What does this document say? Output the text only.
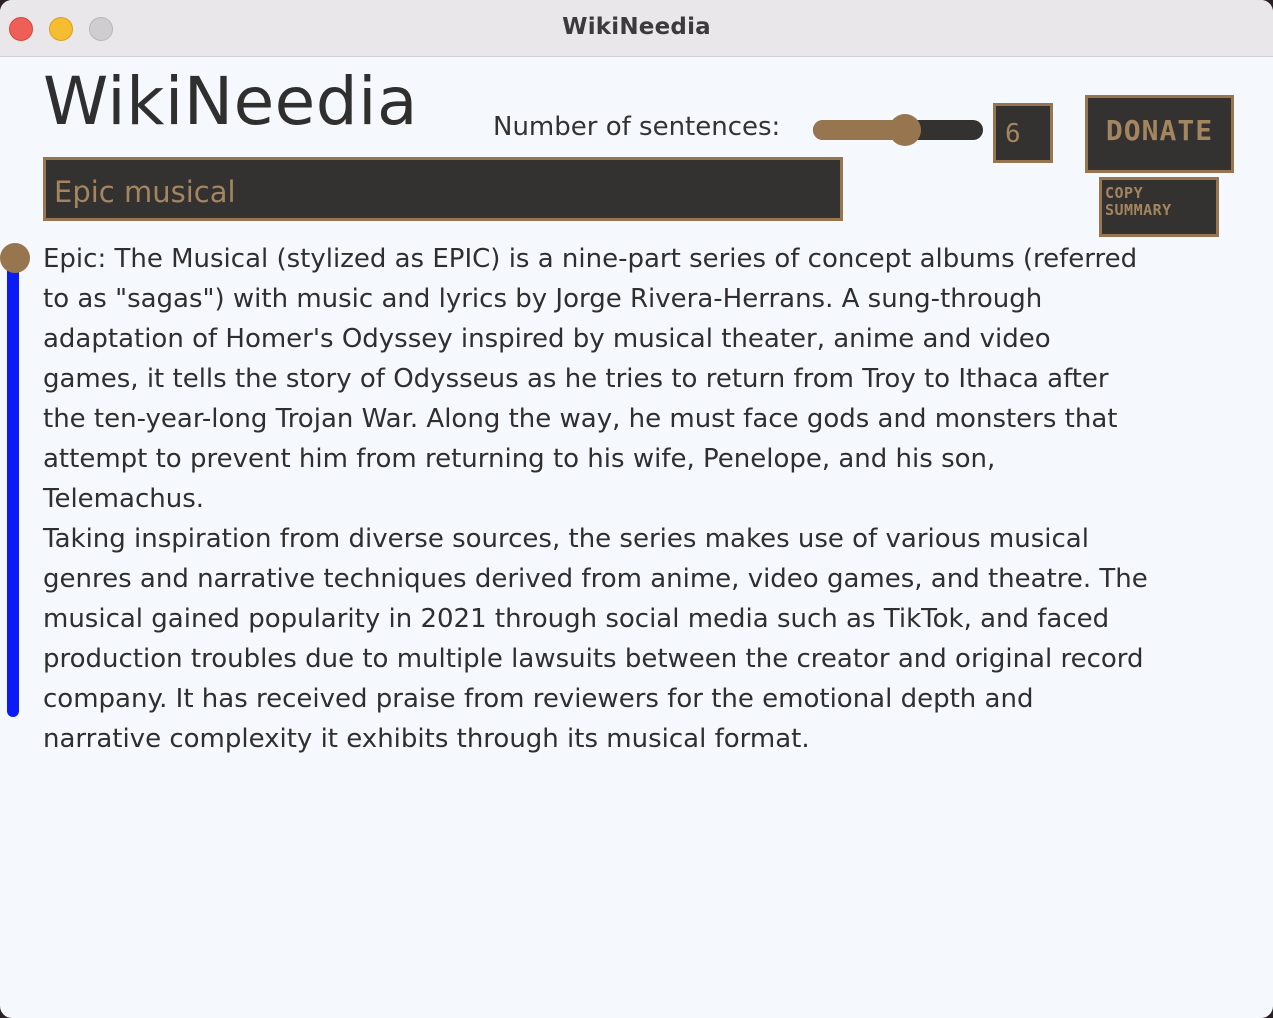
WikiNeedia
WikiNeedia	Number of sentences:	6	DONATE
COPY
SUMMARY
Epic musical

Epic: The Musical (stylized as EPIC) is a nine-part series of concept albums (referred to as "sagas") with music and lyrics by Jorge Rivera-Herrans. A sung-through adaptation of Homer's Odyssey inspired by musical theater, anime and video games, it tells the story of Odysseus as he tries to return from Troy to Ithaca after the ten-year-long Trojan War. Along the way, he must face gods and monsters that attempt to prevent him from returning to his wife, Penelope, and his son, Telemachus.

Taking inspiration from diverse sources, the series makes use of various musical genres and narrative techniques derived from anime, video games, and theatre. The musical gained popularity in 2021 through social media such as TikTok, and faced production troubles due to multiple lawsuits between the creator and original record company. It has received praise from reviewers for the emotional depth and narrative complexity it exhibits through its musical format.
